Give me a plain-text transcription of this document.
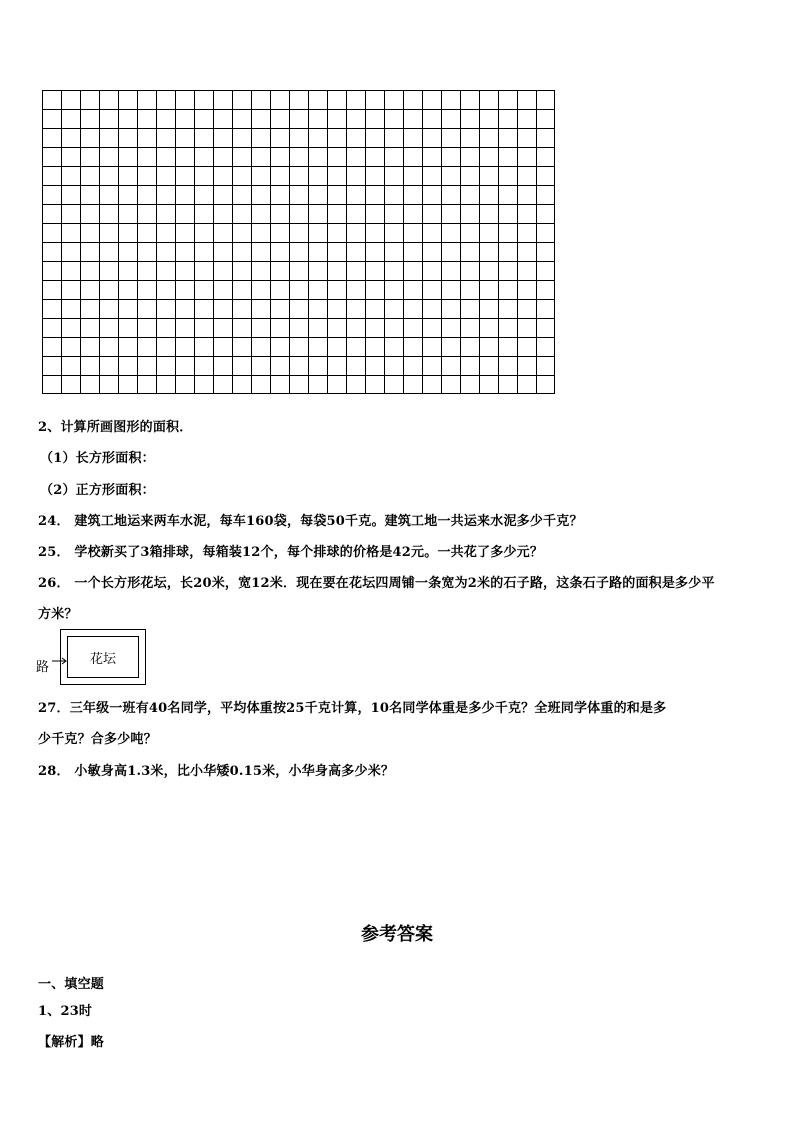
2、计算所画图形的面积．
（1）长方形面积：
（2）正方形面积：
24． 建筑工地运来两车水泥，每车160袋，每袋50千克。建筑工地一共运来水泥多少千克？
25． 学校新买了3箱排球，每箱装12个，每个排球的价格是42元。一共花了多少元？
26． 一个长方形花坛，长20米，宽12米．现在要在花坛四周铺一条宽为2米的石子路，这条石子路的面积是多少平
方米？
花坛
路
27．三年级一班有40名同学，平均体重按25千克计算，10名同学体重是多少千克？全班同学体重的和是多
少千克？合多少吨？
28． 小敏身高1.3米，比小华矮0.15米，小华身高多少米？
参考答案
一、填空题
1、23时
【解析】略
